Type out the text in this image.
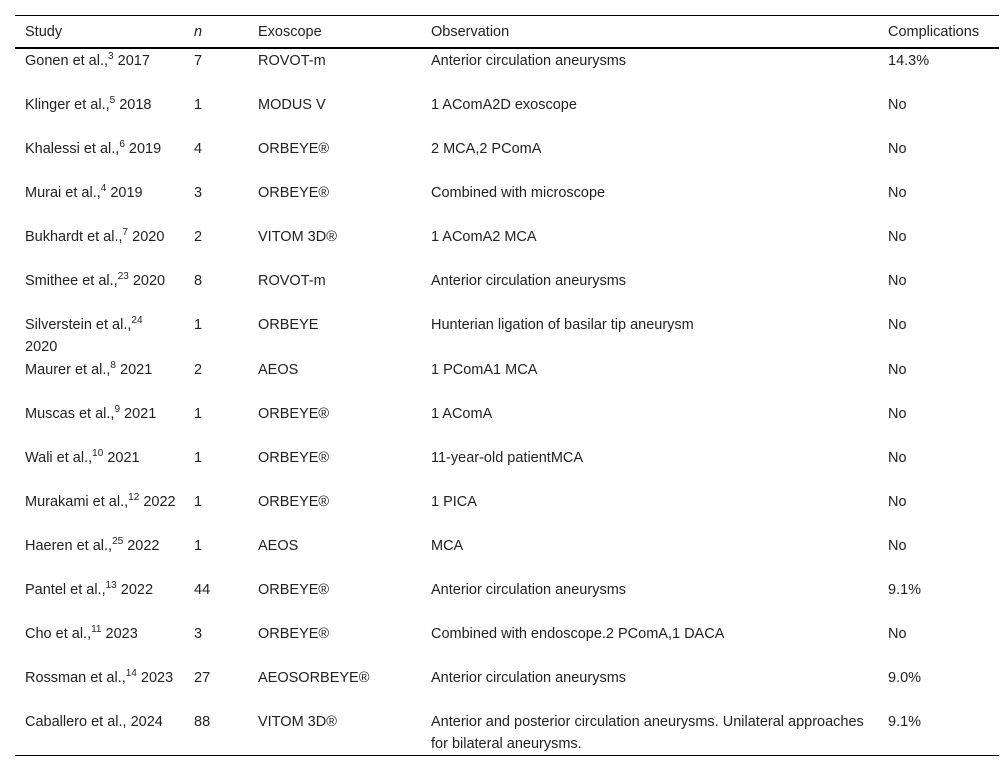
Study	n	Exoscope	Observation	Complications
Gonen et al.,$^3$ 2017	7	ROVOT-m	Anterior circulation aneurysms	14.3%
Klinger et al.,$^5$ 2018	1	MODUS V	1 AComA2D exoscope	No
Khalessi et al.,$^6$ 2019	4	ORBEYE®	2 MCA,2 PComA	No
Murai et al.,$^4$ 2019	3	ORBEYE®	Combined with microscope	No
Bukhardt et al.,$^7$ 2020	2	VITOM 3D®	1 AComA2 MCA	No
Smithee et al.,$^{23}$ 2020	8	ROVOT-m	Anterior circulation aneurysms	No
Silverstein et al.,$^{24}$ 2020	1	ORBEYE	Hunterian ligation of basilar tip aneurysm	No
Maurer et al.,$^8$ 2021	2	AEOS	1 PComA1 MCA	No
Muscas et al.,$^9$ 2021	1	ORBEYE®	1 AComA	No
Wali et al.,$^{10}$ 2021	1	ORBEYE®	11-year-old patientMCA	No
Murakami et al.,$^{12}$ 2022	1	ORBEYE®	1 PICA	No
Haeren et al.,$^{25}$ 2022	1	AEOS	MCA	No
Pantel et al.,$^{13}$ 2022	44	ORBEYE®	Anterior circulation aneurysms	9.1%
Cho et al.,$^{11}$ 2023	3	ORBEYE®	Combined with endoscope.2 PComA,1 DACA	No
Rossman et al.,$^{14}$ 2023	27	AEOSORBEYE®	Anterior circulation aneurysms	9.0%
Caballero et al., 2024	88	VITOM 3D®	Anterior and posterior circulation aneurysms. Unilateral approaches for bilateral aneurysms.	9.1%
